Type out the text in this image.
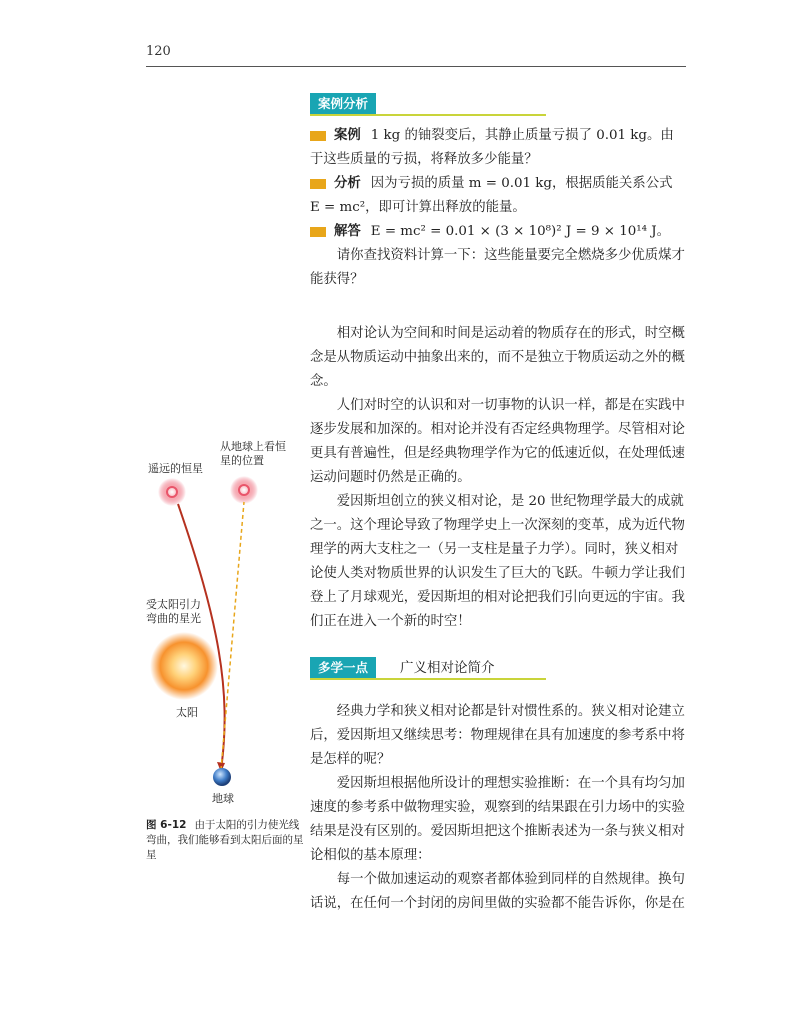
120
案例分析

案例 1 kg 的铀裂变后，其静止质量亏损了 0.01 kg。由于这些质量的亏损，将释放多少能量？

分析 因为亏损的质量 m = 0.01 kg，根据质能关系公式 E = mc²，即可计算出释放的能量。

解答 E = mc² = 0.01 × (3 × 10⁸)² J = 9 × 10¹⁴ J。

请你查找资料计算一下：这些能量要完全燃烧多少优质煤才能获得？

相对论认为空间和时间是运动着的物质存在的形式，时空概念是从物质运动中抽象出来的，而不是独立于物质运动之外的概念。

人们对时空的认识和对一切事物的认识一样，都是在实践中逐步发展和加深的。相对论并没有否定经典物理学。尽管相对论更具有普遍性，但是经典物理学作为它的低速近似，在处理低速运动问题时仍然是正确的。

爱因斯坦创立的狭义相对论，是 20 世纪物理学最大的成就之一。这个理论导致了物理学史上一次深刻的变革，成为近代物理学的两大支柱之一（另一支柱是量子力学）。同时，狭义相对论使人类对物质世界的认识发生了巨大的飞跃。牛顿力学让我们登上了月球观光，爱因斯坦的相对论把我们引向更远的宇宙。我们正在进入一个新的时空！

多学一点	广义相对论简介

经典力学和狭义相对论都是针对惯性系的。狭义相对论建立后，爱因斯坦又继续思考：物理规律在具有加速度的参考系中将是怎样的呢？

爱因斯坦根据他所设计的理想实验推断：在一个具有均匀加速度的参考系中做物理实验，观察到的结果跟在引力场中的实验结果是没有区别的。爱因斯坦把这个推断表述为一条与狭义相对论相似的基本原理：

每一个做加速运动的观察者都体验到同样的自然规律。换句话说，在任何一个封闭的房间里做的实验都不能告诉你，你是在

从地球上看恒星的位置
遥远的恒星
受太阳引力弯曲的星光
太阳
地球
图 6-12 由于太阳的引力使光线弯曲，我们能够看到太阳后面的星星
